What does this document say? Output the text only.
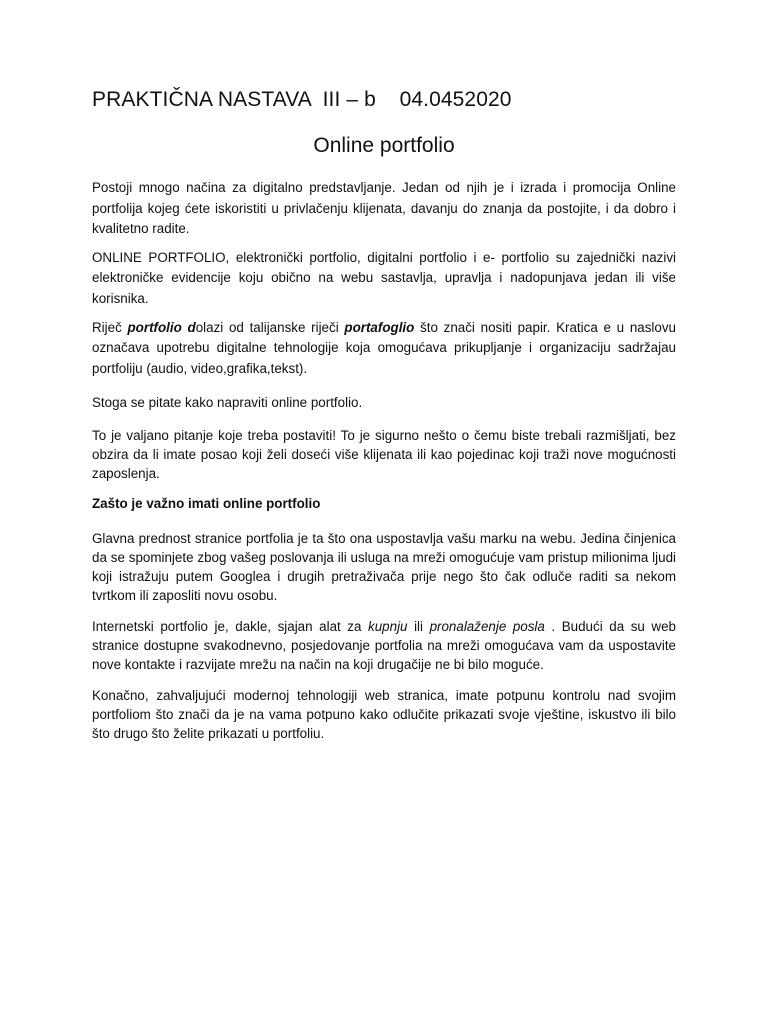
PRAKTIČNA NASTAVA  III – b    04.0452020
Online portfolio

Postoji mnogo načina za digitalno predstavljanje. Jedan od njih je i izrada i promocija Online portfolija kojeg ćete iskoristiti u privlačenju klijenata, davanju do znanja da postojite, i da dobro i kvalitetno radite.

ONLINE PORTFOLIO, elektronički portfolio, digitalni portfolio i e- portfolio su zajednički nazivi elektroničke evidencije koju obično na webu sastavlja, upravlja i nadopunjava jedan ili više korisnika.

Riječ portfolio dolazi od talijanske riječi portafoglio što znači nositi papir. Kratica e u naslovu označava upotrebu digitalne tehnologije koja omogućava prikupljanje i organizaciju sadržajau portfoliju (audio, video,grafika,tekst).

Stoga se pitate kako napraviti online portfolio.

To je valjano pitanje koje treba postaviti! To je sigurno nešto o čemu biste trebali razmišljati, bez obzira da li imate posao koji želi doseći više klijenata ili kao pojedinac koji traži nove mogućnosti zaposlenja.

Zašto je važno imati online portfolio

Glavna prednost stranice portfolia je ta što ona uspostavlja vašu marku na webu. Jedina činjenica da se spominjete zbog vašeg poslovanja ili usluga na mreži omogućuje vam pristup milionima ljudi koji istražuju putem Googlea i drugih pretraživača prije nego što čak odluče raditi sa nekom tvrtkom ili zaposliti novu osobu.

Internetski portfolio je, dakle, sjajan alat za kupnju ili pronalaženje posla . Budući da su web stranice dostupne svakodnevno, posjedovanje portfolia na mreži omogućava vam da uspostavite nove kontakte i razvijate mrežu na način na koji drugačije ne bi bilo moguće.

Konačno, zahvaljujući modernoj tehnologiji web stranica, imate potpunu kontrolu nad svojim portfoliom što znači da je na vama potpuno kako odlučite prikazati svoje vještine, iskustvo ili bilo što drugo što želite prikazati u portfoliu.
